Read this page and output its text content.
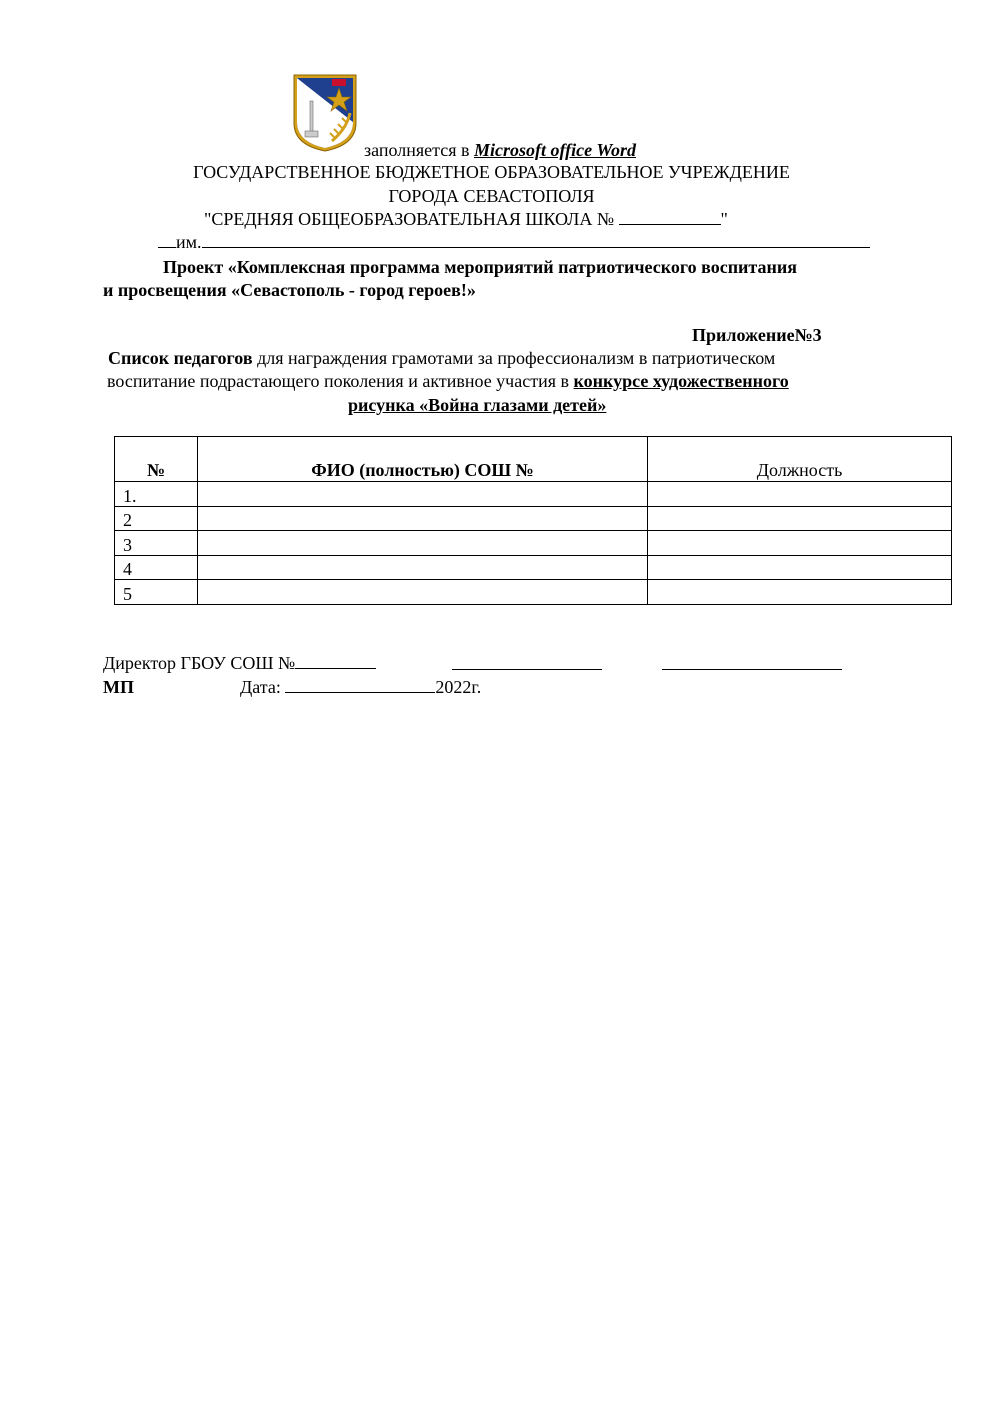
заполняется в Microsoft office Word
ГОСУДАРСТВЕННОЕ БЮДЖЕТНОЕ ОБРАЗОВАТЕЛЬНОЕ УЧРЕЖДЕНИЕ
ГОРОДА СЕВАСТОПОЛЯ
"СРЕДНЯЯ ОБЩЕОБРАЗОВАТЕЛЬНАЯ ШКОЛА №	"
им.
Проект «Комплексная программа мероприятий патриотического воспитания
и просвещения «Севастополь - город героев!»
Приложение№3
Список педагогов для награждения грамотами за профессионализм в патриотическом
воспитание подрастающего поколения и активное участия в конкурсе художественного
рисунка «Война глазами детей»
№	ФИО (полностью) СОШ №	Должность
1.		
2		
3		
4		
5		
Директор ГБОУ СОШ №
МП	Дата:	2022г.
